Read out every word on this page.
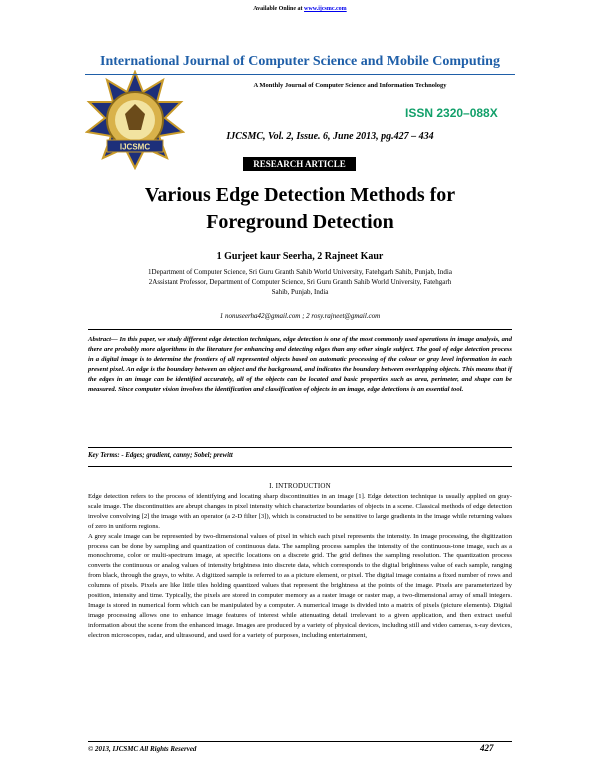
Available Online at www.ijcsmc.com
IJCSMC
International Journal of Computer Science and Mobile Computing
A Monthly Journal of Computer Science and Information Technology
ISSN 2320–088X
IJCSMC, Vol. 2, Issue. 6, June 2013, pg.427 – 434
RESEARCH ARTICLE
Various Edge Detection Methods for
Foreground Detection
1 Gurjeet kaur Seerha, 2 Rajneet Kaur
1Department of Computer Science, Sri Guru Granth Sahib World University, Fatehgarh Sahib, Punjab, India
2Assistant Professor, Department of Computer Science, Sri Guru Granth Sahib World University, Fatehgarh
Sahib, Punjab, India
1 nonuseerha42@gmail.com ; 2 rosy.rajneet@gmail.com
Abstract— In this paper, we study different edge detection techniques, edge detection is one of the most commonly used operations in image analysis, and there are probably more algorithms in the literature for enhancing and detecting edges than any other single subject. The goal of edge detection process in a digital image is to determine the frontiers of all represented objects based on automatic processing of the colour or gray level information in each present pixel. An edge is the boundary between an object and the background, and indicates the boundary between overlapping objects. This means that if the edges in an image can be identified accurately, all of the objects can be located and basic properties such as area, perimeter, and shape can be measured. Since computer vision involves the identification and classification of objects in an image, edge detections is an essential tool.
Key Terms: - Edges; gradient, canny; Sobel; prewitt
I. INTRODUCTION

Edge detection refers to the process of identifying and locating sharp discontinuities in an image [1]. Edge detection technique is usually applied on gray-scale image. The discontinuities are abrupt changes in pixel intensity which characterize boundaries of objects in a scene. Classical methods of edge detection involve convolving [2] the image with an operator (a 2-D filter [3]), which is constructed to be sensitive to large gradients in the image while returning values of zero in uniform regions.

A grey scale image can be represented by two-dimensional values of pixel in which each pixel represents the intensity. In image processing, the digitization process can be done by sampling and quantization of continuous data. The sampling process samples the intensity of the continuous-tone image, such as a monochrome, color or multi-spectrum image, at specific locations on a discrete grid. The grid defines the sampling resolution. The quantization process converts the continuous or analog values of intensity brightness into discrete data, which corresponds to the digital brightness value of each sample, ranging from black, through the grays, to white. A digitized sample is referred to as a picture element, or pixel. The digital image contains a fixed number of rows and columns of pixels. Pixels are like little tiles holding quantized values that represent the brightness at the points of the image. Pixels are parameterized by position, intensity and time. Typically, the pixels are stored in computer memory as a raster image or raster map, a two-dimensional array of small integers. Image is stored in numerical form which can be manipulated by a computer. A numerical image is divided into a matrix of pixels (picture elements). Digital image processing allows one to enhance image features of interest while attenuating detail irrelevant to a given application, and then extract useful information about the scene from the enhanced image. Images are produced by a variety of physical devices, including still and video cameras, x-ray devices, electron microscopes, radar, and ultrasound, and used for a variety of purposes, including entertainment,

© 2013, IJCSMC All Rights Reserved	427
